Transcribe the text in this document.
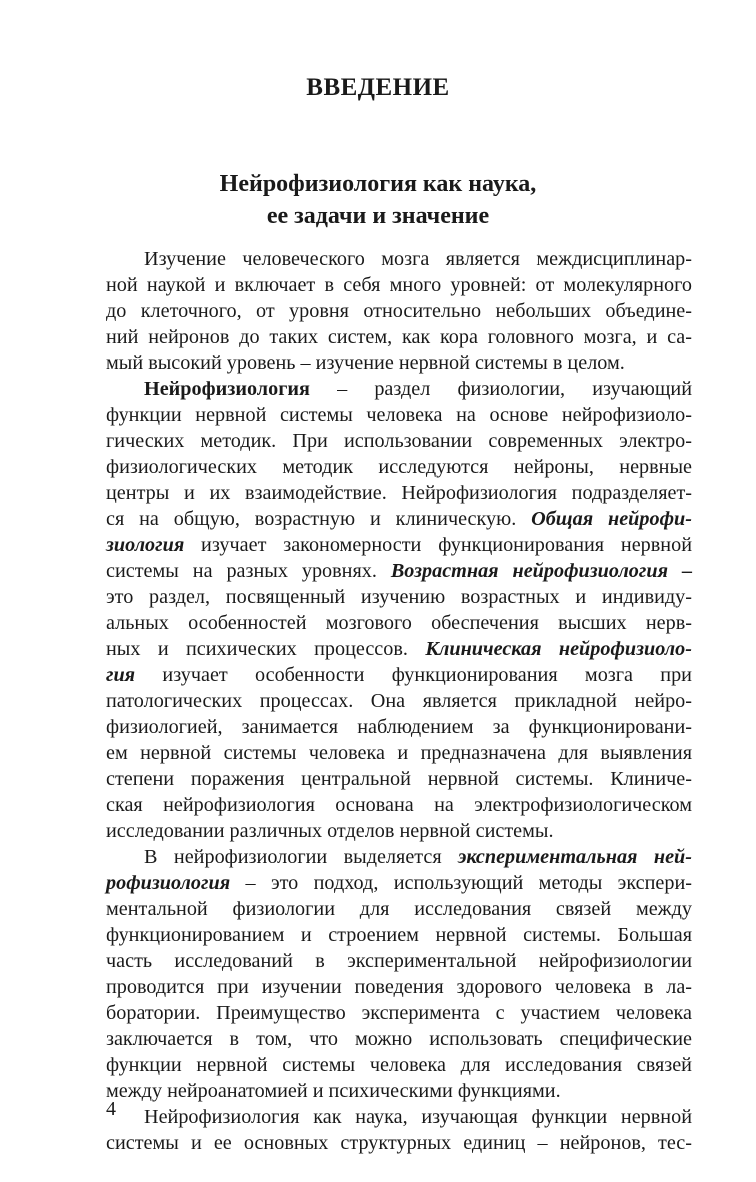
ВВЕДЕНИЕ
Нейрофизиология как наука,
ее задачи и значение
Изучение человеческого мозга является междисциплинар-
ной наукой и включает в себя много уровней: от молекулярного
до клеточного, от уровня относительно небольших объедине-
ний нейронов до таких систем, как кора головного мозга, и са-
мый высокий уровень – изучение нервной системы в целом.
Нейрофизиология – раздел физиологии, изучающий
функции нервной системы человека на основе нейрофизиоло-
гических методик. При использовании современных электро-
физиологических методик исследуются нейроны, нервные
центры и их взаимодействие. Нейрофизиология подразделяет-
ся на общую, возрастную и клиническую. Общая нейрофи-
зиология изучает закономерности функционирования нервной
системы на разных уровнях. Возрастная нейрофизиология –
это раздел, посвященный изучению возрастных и индивиду-
альных особенностей мозгового обеспечения высших нерв-
ных и психических процессов. Клиническая нейрофизиоло-
гия изучает особенности функционирования мозга при
патологических процессах. Она является прикладной нейро-
физиологией, занимается наблюдением за функционировани-
ем нервной системы человека и предназначена для выявления
степени поражения центральной нервной системы. Клиниче-
ская нейрофизиология основана на электрофизиологическом
исследовании различных отделов нервной системы.
В нейрофизиологии выделяется экспериментальная ней-
рофизиология – это подход, использующий методы экспери-
ментальной физиологии для исследования связей между
функционированием и строением нервной системы. Большая
часть исследований в экспериментальной нейрофизиологии
проводится при изучении поведения здорового человека в ла-
боратории. Преимущество эксперимента с участием человека
заключается в том, что можно использовать специфические
функции нервной системы человека для исследования связей
между нейроанатомией и психическими функциями.
Нейрофизиология как наука, изучающая функции нервной
системы и ее основных структурных единиц – нейронов, тес-
4
